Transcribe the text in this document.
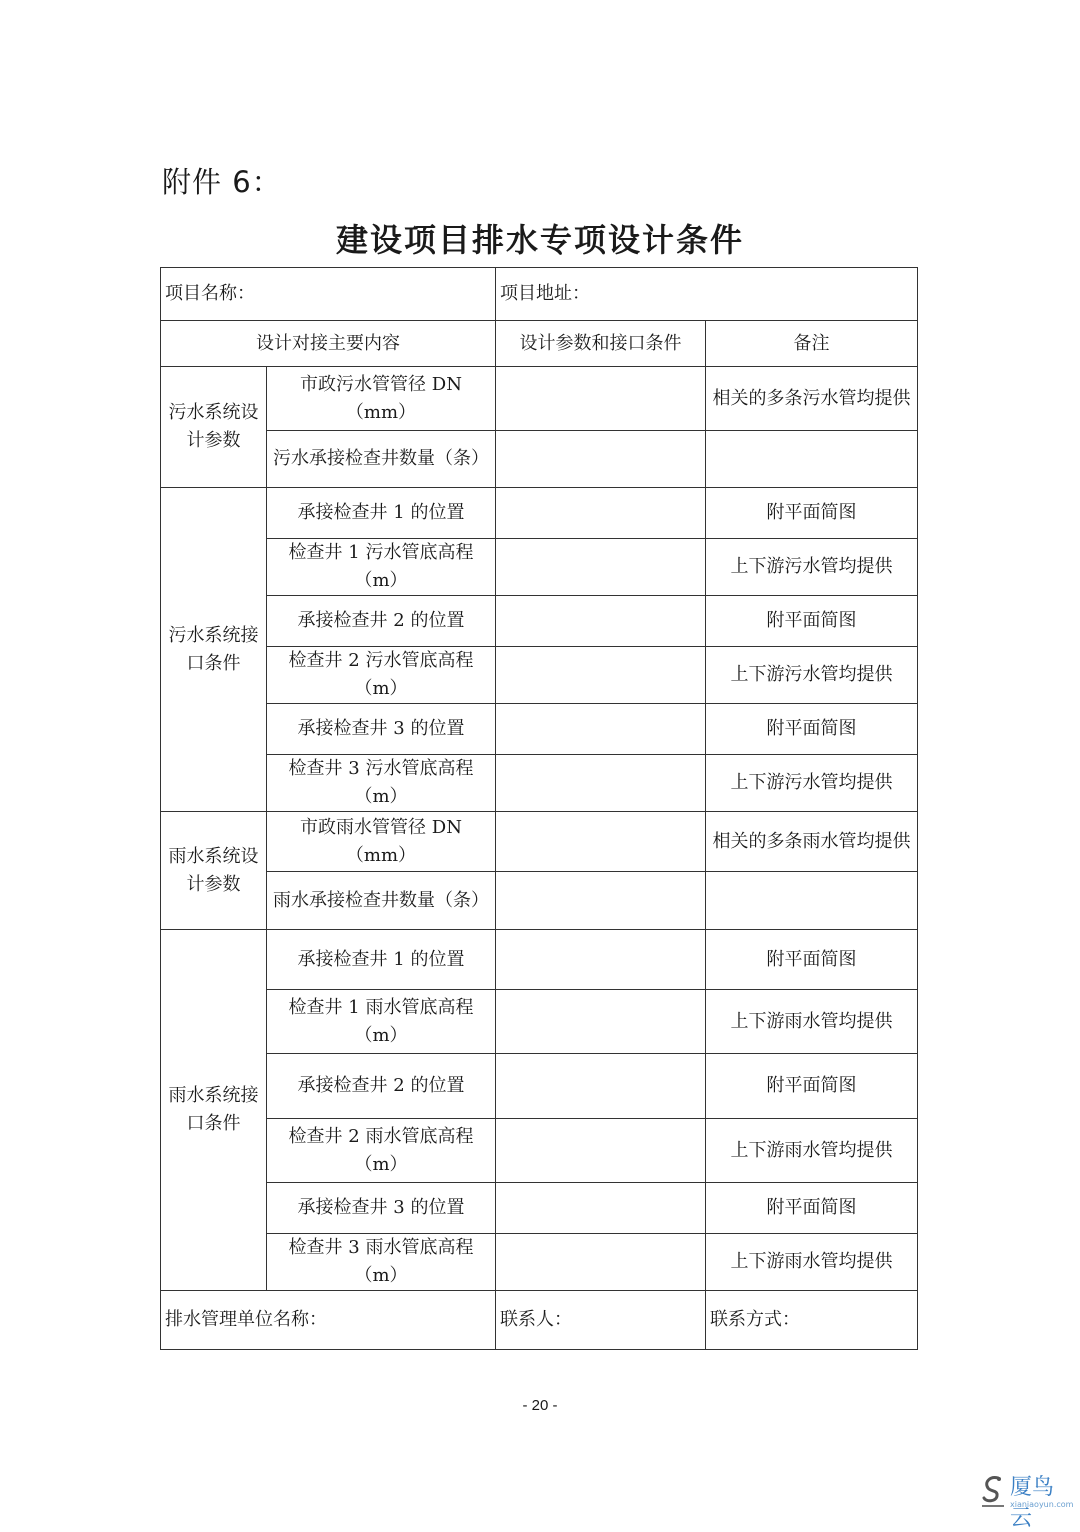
附件 6：
建设项目排水专项设计条件
项目名称：		项目地址：	
设计对接主要内容		设计参数和接口条件	备注
污水系统设计参数	市政污水管管径 DN（mm）		相关的多条污水管均提供
	污水承接检查井数量（条）		
污水系统接口条件	承接检查井 1 的位置		附平面简图
	检查井 1 污水管底高程（m）		上下游污水管均提供
	承接检查井 2 的位置		附平面简图
	检查井 2 污水管底高程（m）		上下游污水管均提供
	承接检查井 3 的位置		附平面简图
	检查井 3 污水管底高程（m）		上下游污水管均提供
雨水系统设计参数	市政雨水管管径 DN（mm）		相关的多条雨水管均提供
	雨水承接检查井数量（条）		
雨水系统接口条件	承接检查井 1 的位置		附平面简图
	检查井 1 雨水管底高程（m）		上下游雨水管均提供
	承接检查井 2 的位置		附平面简图
	检查井 2 雨水管底高程（m）		上下游雨水管均提供
	承接检查井 3 的位置		附平面简图
	检查井 3 雨水管底高程（m）		上下游雨水管均提供
排水管理单位名称：		联系人：	联系方式：
- 20 -
厦鸟云
xianiaoyun.com
